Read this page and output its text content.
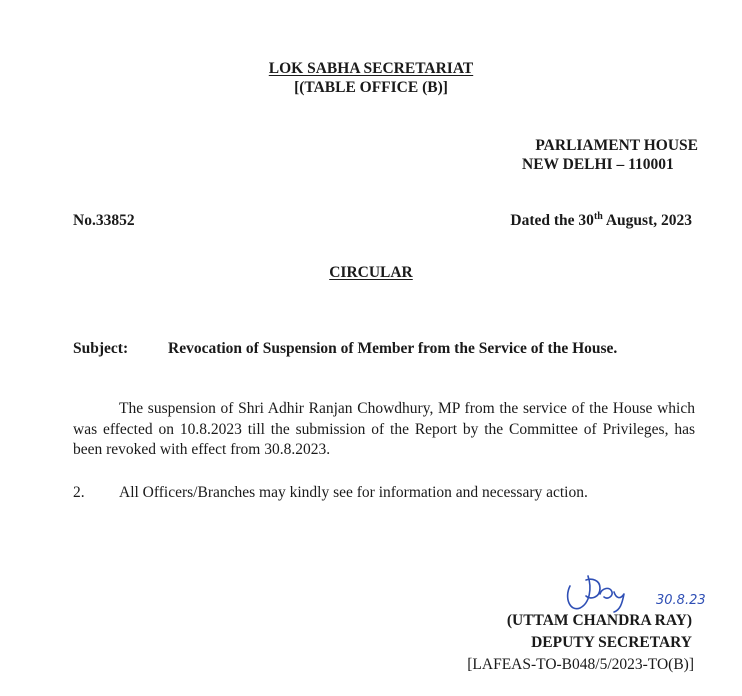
LOK SABHA SECRETARIAT
[(TABLE OFFICE (B)]
PARLIAMENT HOUSE
NEW DELHI – 110001
No.33852	Dated the 30th August, 2023
CIRCULAR
Subject:	Revocation of Suspension of Member from the Service of the House.
The suspension of Shri Adhir Ranjan Chowdhury, MP from the service of the House which was effected on 10.8.2023 till the submission of the Report by the Committee of Privileges, has been revoked with effect from 30.8.2023.
2. All Officers/Branches may kindly see for information and necessary action.
30.8.23
(UTTAM CHANDRA RAY)
DEPUTY SECRETARY
[LAFEAS-TO-B048/5/2023-TO(B)]
